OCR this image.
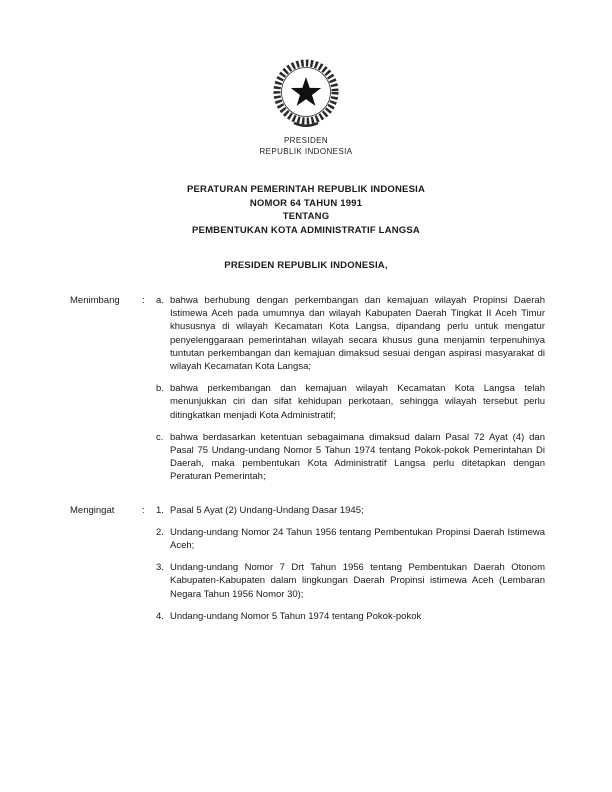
PRESIDEN
REPUBLIK INDONESIA
PERATURAN PEMERINTAH REPUBLIK INDONESIA
NOMOR 64 TAHUN 1991
TENTANG
PEMBENTUKAN KOTA ADMINISTRATIF LANGSA
PRESIDEN REPUBLIK INDONESIA,
Menimbang	:	a. bahwa berhubung dengan perkembangan dan kemajuan wilayah Propinsi Daerah Istimewa Aceh pada umumnya dan wilayah Kabupaten Daerah Tingkat II Aceh Timur khususnya di wilayah Kecamatan Kota Langsa, dipandang perlu untuk mengatur penyelenggaraan pemerintahan wilayah secara khusus guna menjamin terpenuhinya tuntutan perkembangan dan kemajuan dimaksud sesuai dengan aspirasi masyarakat di wilayah Kecamatan Kota Langsa;
b. bahwa perkembangan dan kemajuan wilayah Kecamatan Kota Langsa telah menunjukkan ciri dan sifat kehidupan perkotaan, sehingga wilayah tersebut perlu ditingkatkan menjadi Kota Administratif;
c. bahwa berdasarkan ketentuan sebagaimana dimaksud dalam Pasal 72 Ayat (4) dan Pasal 75 Undang-undang Nomor 5 Tahun 1974 tentang Pokok-pokok Pemerintahan Di Daerah, maka pembentukan Kota Administratif Langsa perlu ditetapkan dengan Peraturan Pemerintah;
Mengingat	:	1. Pasal 5 Ayat (2) Undang-Undang Dasar 1945;
2. Undang-undang Nomor 24 Tahun 1956 tentang Pembentukan Propinsi Daerah Istimewa Aceh;
3. Undang-undang Nomor 7 Drt Tahun 1956 tentang Pembentukan Daerah Otonom Kabupaten-Kabupaten dalam lingkungan Daerah Propinsi istimewa Aceh (Lembaran Negara Tahun 1956 Nomor 30);
4. Undang-undang Nomor 5 Tahun 1974 tentang Pokok-pokok
